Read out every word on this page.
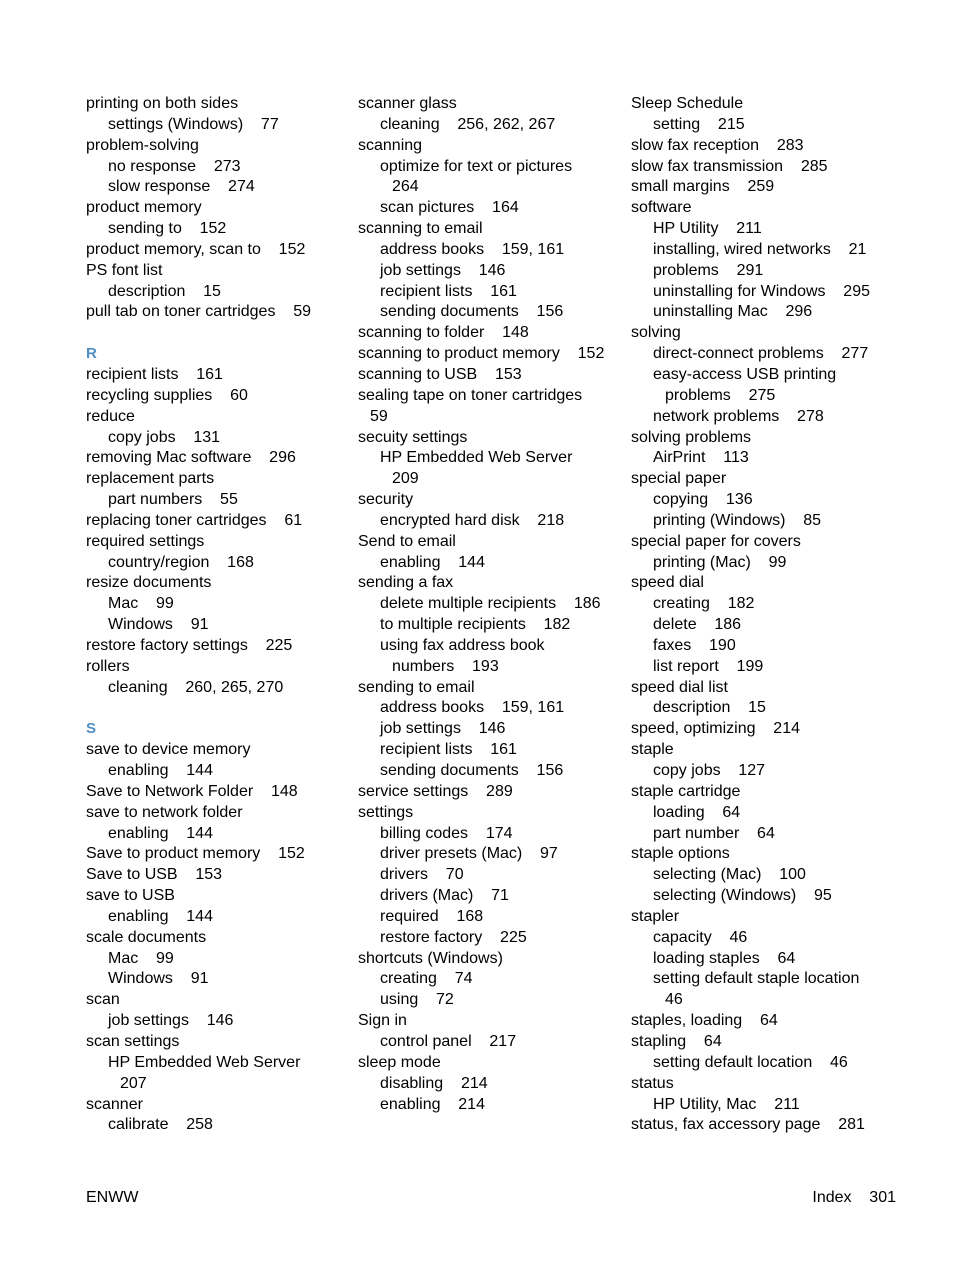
printing on both sides
settings (Windows)    77
problem-solving
no response    273
slow response    274
product memory
sending to    152
product memory, scan to    152
PS font list
description    15
pull tab on toner cartridges    59
R
recipient lists    161
recycling supplies    60
reduce
copy jobs    131
removing Mac software    296
replacement parts
part numbers    55
replacing toner cartridges    61
required settings
country/region    168
resize documents
Mac    99
Windows    91
restore factory settings    225
rollers
cleaning    260, 265, 270
S
save to device memory
enabling    144
Save to Network Folder    148
save to network folder
enabling    144
Save to product memory    152
Save to USB    153
save to USB
enabling    144
scale documents
Mac    99
Windows    91
scan
job settings    146
scan settings
HP Embedded Web Server
207
scanner
calibrate    258
scanner glass
cleaning    256, 262, 267
scanning
optimize for text or pictures
264
scan pictures    164
scanning to email
address books    159, 161
job settings    146
recipient lists    161
sending documents    156
scanning to folder    148
scanning to product memory    152
scanning to USB    153
sealing tape on toner cartridges
59
secuity settings
HP Embedded Web Server
209
security
encrypted hard disk    218
Send to email
enabling    144
sending a fax
delete multiple recipients    186
to multiple recipients    182
using fax address book
numbers    193
sending to email
address books    159, 161
job settings    146
recipient lists    161
sending documents    156
service settings    289
settings
billing codes    174
driver presets (Mac)    97
drivers    70
drivers (Mac)    71
required    168
restore factory    225
shortcuts (Windows)
creating    74
using    72
Sign in
control panel    217
sleep mode
disabling    214
enabling    214
Sleep Schedule
setting    215
slow fax reception    283
slow fax transmission    285
small margins    259
software
HP Utility    211
installing, wired networks    21
problems    291
uninstalling for Windows    295
uninstalling Mac    296
solving
direct-connect problems    277
easy-access USB printing
problems    275
network problems    278
solving problems
AirPrint    113
special paper
copying    136
printing (Windows)    85
special paper for covers
printing (Mac)    99
speed dial
creating    182
delete    186
faxes    190
list report    199
speed dial list
description    15
speed, optimizing    214
staple
copy jobs    127
staple cartridge
loading    64
part number    64
staple options
selecting (Mac)    100
selecting (Windows)    95
stapler
capacity    46
loading staples    64
setting default staple location
46
staples, loading    64
stapling    64
setting default location    46
status
HP Utility, Mac    211
status, fax accessory page    281
ENWW	Index    301
